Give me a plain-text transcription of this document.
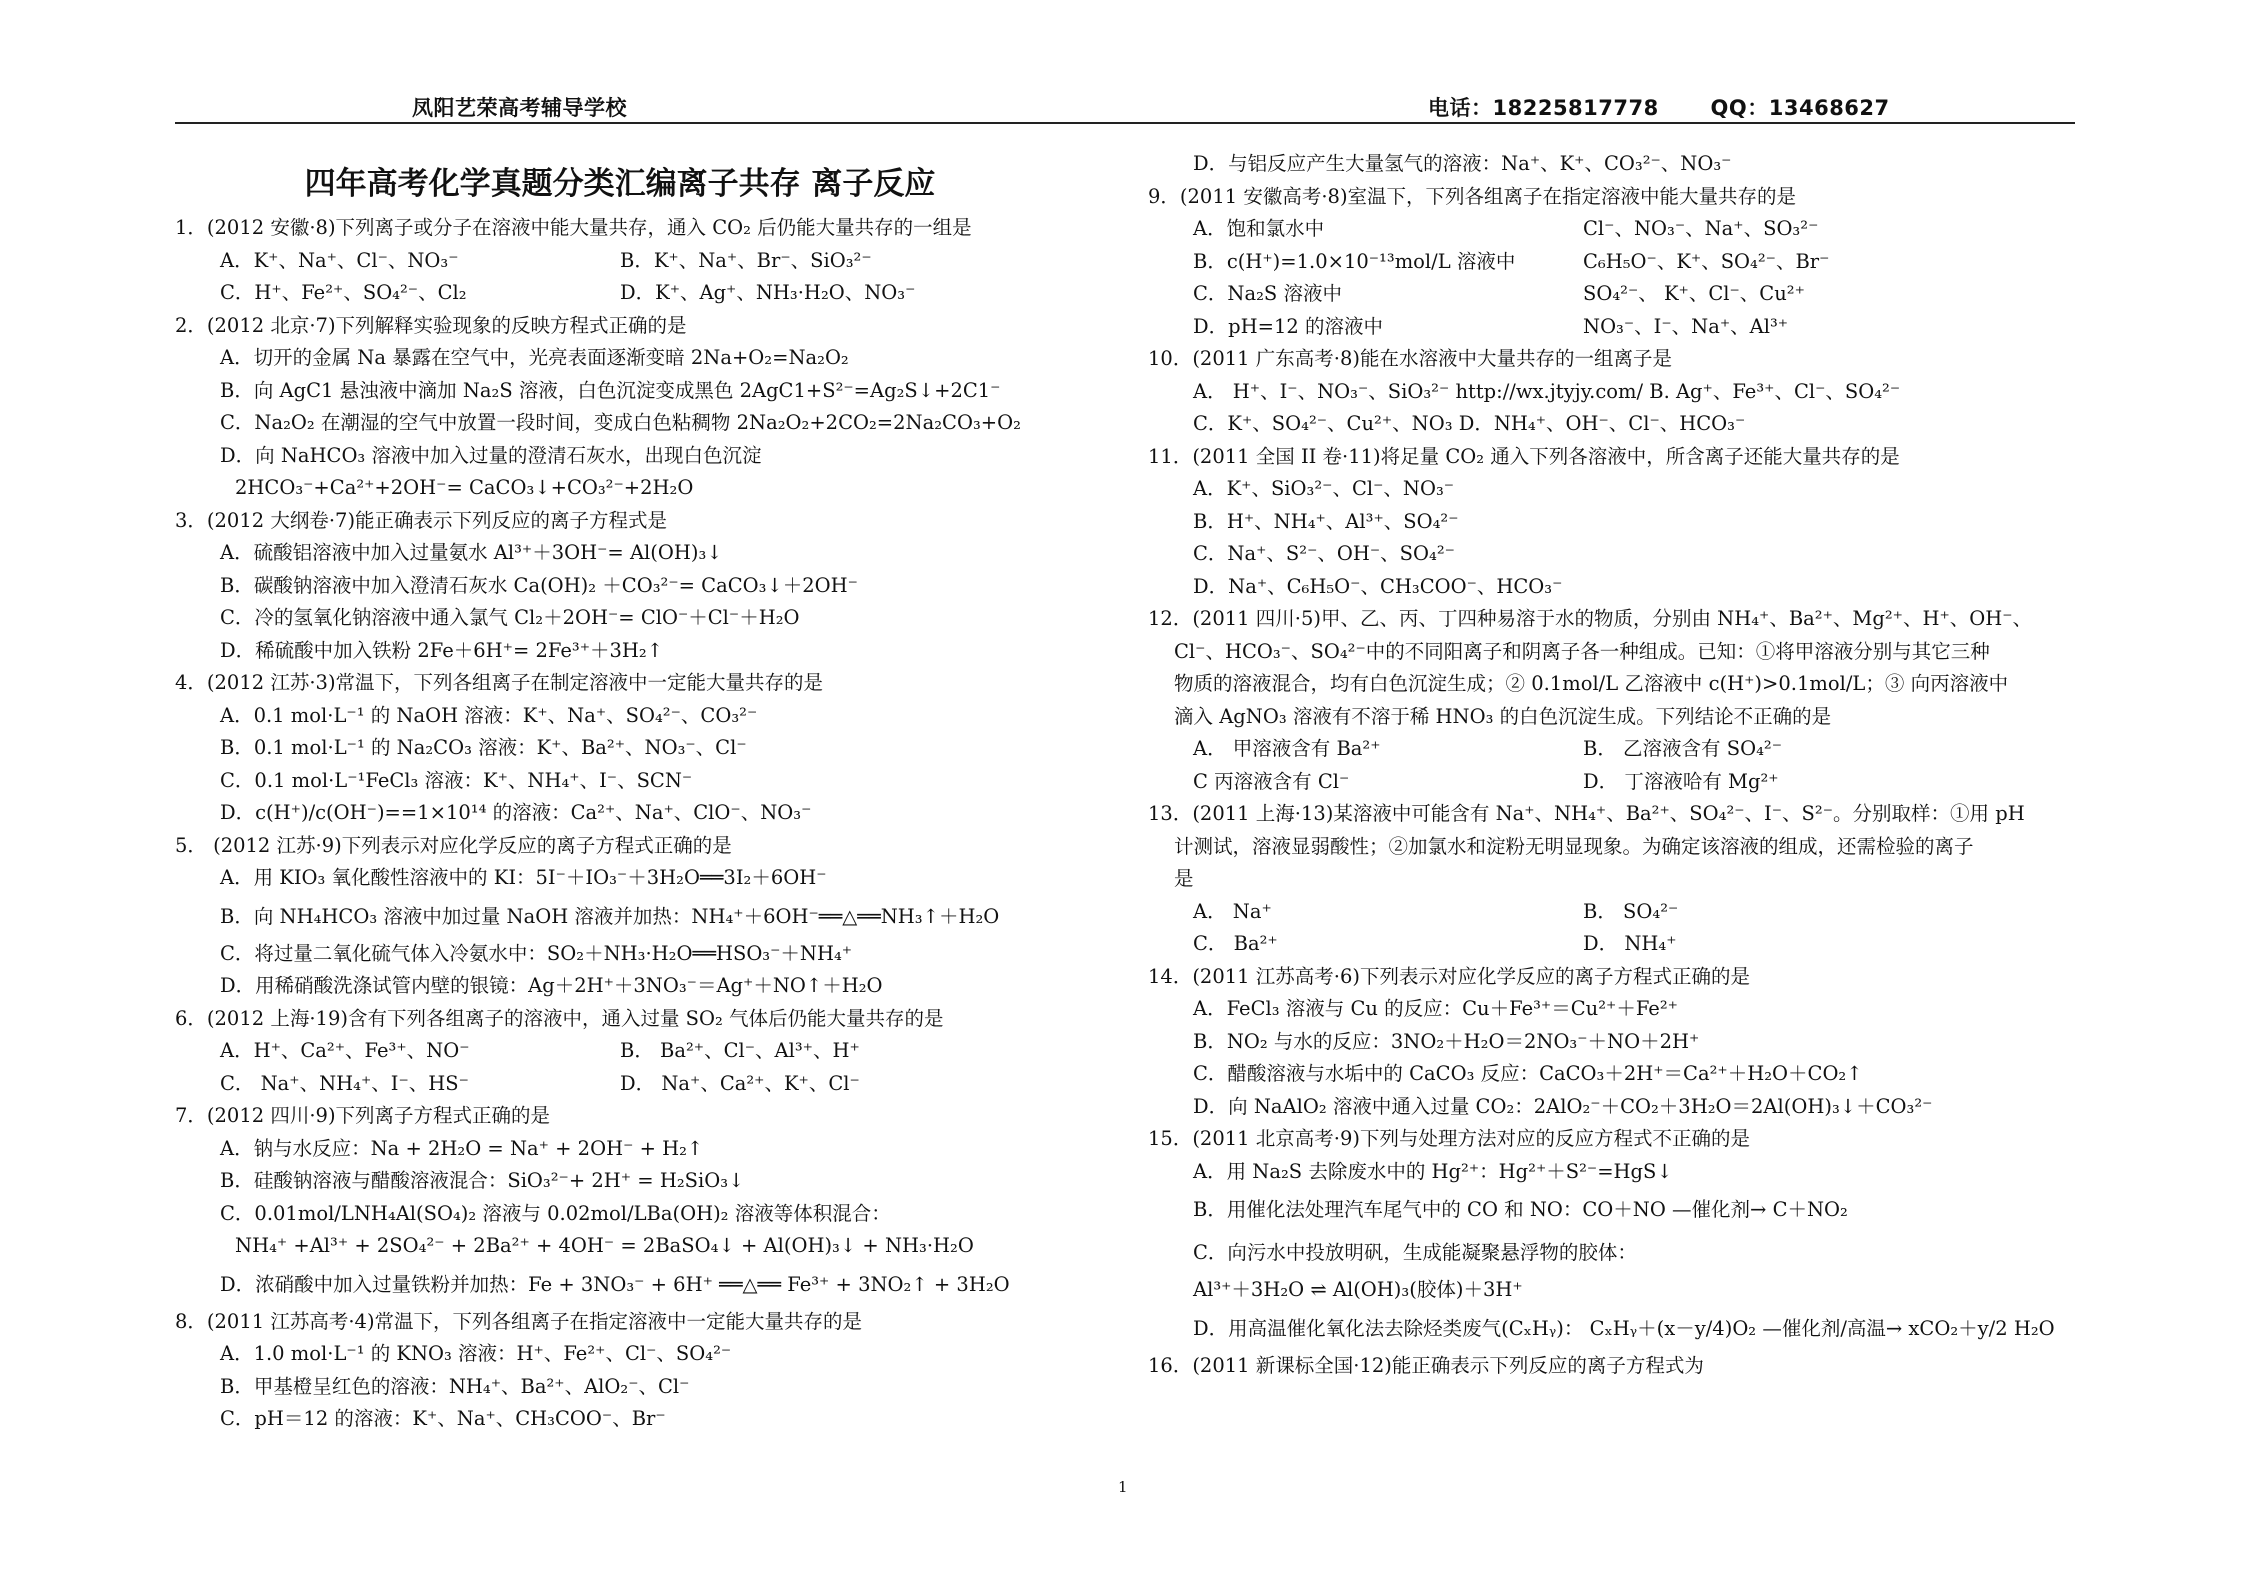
凤阳艺荣高考辅导学校	电话：18225817778 QQ：13468627
四年高考化学真题分类汇编离子共存 离子反应
1．(2012 安徽·8)下列离子或分子在溶液中能大量共存，通入 CO₂ 后仍能大量共存的一组是
A．K⁺、Na⁺、Cl⁻、NO₃⁻	B．K⁺、Na⁺、Br⁻、SiO₃²⁻
C．H⁺、Fe²⁺、SO₄²⁻、Cl₂	D．K⁺、Ag⁺、NH₃·H₂O、NO₃⁻
2．(2012 北京·7)下列解释实验现象的反映方程式正确的是
A．切开的金属 Na 暴露在空气中，光亮表面逐渐变暗 2Na+O₂=Na₂O₂
B．向 AgC1 悬浊液中滴加 Na₂S 溶液，白色沉淀变成黑色 2AgC1+S²⁻=Ag₂S↓+2C1⁻
C．Na₂O₂ 在潮湿的空气中放置一段时间，变成白色粘稠物 2Na₂O₂+2CO₂=2Na₂CO₃+O₂
D．向 NaHCO₃ 溶液中加入过量的澄清石灰水，出现白色沉淀
2HCO₃⁻+Ca²⁺+2OH⁻= CaCO₃↓+CO₃²⁻+2H₂O
3．(2012 大纲卷·7)能正确表示下列反应的离子方程式是
A．硫酸铝溶液中加入过量氨水 Al³⁺＋3OH⁻= Al(OH)₃↓
B．碳酸钠溶液中加入澄清石灰水 Ca(OH)₂ ＋CO₃²⁻= CaCO₃↓＋2OH⁻
C．冷的氢氧化钠溶液中通入氯气 Cl₂＋2OH⁻= ClO⁻＋Cl⁻＋H₂O
D．稀硫酸中加入铁粉 2Fe＋6H⁺= 2Fe³⁺＋3H₂↑
4．(2012 江苏·3)常温下，下列各组离子在制定溶液中一定能大量共存的是
A．0.1 mol·L⁻¹ 的 NaOH 溶液：K⁺、Na⁺、SO₄²⁻、CO₃²⁻
B．0.1 mol·L⁻¹ 的 Na₂CO₃ 溶液：K⁺、Ba²⁺、NO₃⁻、Cl⁻
C．0.1 mol·L⁻¹FeCl₃ 溶液：K⁺、NH₄⁺、I⁻、SCN⁻
D．c(H⁺)/c(OH⁻)==1×10¹⁴ 的溶液：Ca²⁺、Na⁺、ClO⁻、NO₃⁻
5． (2012 江苏·9)下列表示对应化学反应的离子方程式正确的是
A．用 KIO₃ 氧化酸性溶液中的 KI：5I⁻＋IO₃⁻＋3H₂O══3I₂＋6OH⁻
B．向 NH₄HCO₃ 溶液中加过量 NaOH 溶液并加热：NH₄⁺＋6OH⁻══△══NH₃↑＋H₂O
C．将过量二氧化硫气体入冷氨水中：SO₂＋NH₃·H₂O══HSO₃⁻＋NH₄⁺
D．用稀硝酸洗涤试管内壁的银镜：Ag＋2H⁺＋3NO₃⁻＝Ag⁺＋NO↑＋H₂O
6．(2012 上海·19)含有下列各组离子的溶液中，通入过量 SO₂ 气体后仍能大量共存的是
A．H⁺、Ca²⁺、Fe³⁺、NO⁻	B． Ba²⁺、Cl⁻、Al³⁺、H⁺
C． Na⁺、NH₄⁺、I⁻、HS⁻	D． Na⁺、Ca²⁺、K⁺、Cl⁻
7．(2012 四川·9)下列离子方程式正确的是
A．钠与水反应：Na + 2H₂O = Na⁺ + 2OH⁻ + H₂↑
B．硅酸钠溶液与醋酸溶液混合：SiO₃²⁻+ 2H⁺ = H₂SiO₃↓
C．0.01mol/LNH₄Al(SO₄)₂ 溶液与 0.02mol/LBa(OH)₂ 溶液等体积混合：
NH₄⁺ +Al³⁺ + 2SO₄²⁻ + 2Ba²⁺ + 4OH⁻ = 2BaSO₄↓ + Al(OH)₃↓ + NH₃·H₂O
D．浓硝酸中加入过量铁粉并加热：Fe + 3NO₃⁻ + 6H⁺ ══△══ Fe³⁺ + 3NO₂↑ + 3H₂O
8．(2011 江苏高考·4)常温下，下列各组离子在指定溶液中一定能大量共存的是
A．1.0 mol·L⁻¹ 的 KNO₃ 溶液：H⁺、Fe²⁺、Cl⁻、SO₄²⁻
B．甲基橙呈红色的溶液：NH₄⁺、Ba²⁺、AlO₂⁻、Cl⁻
C．pH＝12 的溶液：K⁺、Na⁺、CH₃COO⁻、Br⁻
D．与铝反应产生大量氢气的溶液：Na⁺、K⁺、CO₃²⁻、NO₃⁻
9．(2011 安徽高考·8)室温下，下列各组离子在指定溶液中能大量共存的是
A．饱和氯水中	Cl⁻、NO₃⁻、Na⁺、SO₃²⁻
B．c(H⁺)=1.0×10⁻¹³mol/L 溶液中	C₆H₅O⁻、K⁺、SO₄²⁻、Br⁻
C．Na₂S 溶液中	SO₄²⁻、 K⁺、Cl⁻、Cu²⁺
D．pH=12 的溶液中	NO₃⁻、I⁻、Na⁺、Al³⁺
10．(2011 广东高考·8)能在水溶液中大量共存的一组离子是
A． H⁺、I⁻、NO₃⁻、SiO₃²⁻ http://wx.jtyjy.com/ B. Ag⁺、Fe³⁺、Cl⁻、SO₄²⁻
C．K⁺、SO₄²⁻、Cu²⁺、NO₃ D．NH₄⁺、OH⁻、Cl⁻、HCO₃⁻
11．(2011 全国 II 卷·11)将足量 CO₂ 通入下列各溶液中，所含离子还能大量共存的是
A．K⁺、SiO₃²⁻、Cl⁻、NO₃⁻
B．H⁺、NH₄⁺、Al³⁺、SO₄²⁻
C．Na⁺、S²⁻、OH⁻、SO₄²⁻
D．Na⁺、C₆H₅O⁻、CH₃COO⁻、HCO₃⁻
12．(2011 四川·5)甲、乙、丙、丁四种易溶于水的物质，分别由 NH₄⁺、Ba²⁺、Mg²⁺、H⁺、OH⁻、
Cl⁻、HCO₃⁻、SO₄²⁻中的不同阳离子和阴离子各一种组成。已知：①将甲溶液分别与其它三种
物质的溶液混合，均有白色沉淀生成；② 0.1mol/L 乙溶液中 c(H⁺)>0.1mol/L；③ 向丙溶液中
滴入 AgNO₃ 溶液有不溶于稀 HNO₃ 的白色沉淀生成。下列结论不正确的是
A． 甲溶液含有 Ba²⁺	B． 乙溶液含有 SO₄²⁻
C 丙溶液含有 Cl⁻	D． 丁溶液哈有 Mg²⁺
13．(2011 上海·13)某溶液中可能含有 Na⁺、NH₄⁺、Ba²⁺、SO₄²⁻、I⁻、S²⁻。分别取样：①用 pH
计测试，溶液显弱酸性；②加氯水和淀粉无明显现象。为确定该溶液的组成，还需检验的离子
是
A． Na⁺	B． SO₄²⁻
C． Ba²⁺	D． NH₄⁺
14．(2011 江苏高考·6)下列表示对应化学反应的离子方程式正确的是
A．FeCl₃ 溶液与 Cu 的反应：Cu＋Fe³⁺＝Cu²⁺＋Fe²⁺
B．NO₂ 与水的反应：3NO₂＋H₂O＝2NO₃⁻＋NO＋2H⁺
C．醋酸溶液与水垢中的 CaCO₃ 反应：CaCO₃＋2H⁺＝Ca²⁺＋H₂O＋CO₂↑
D．向 NaAlO₂ 溶液中通入过量 CO₂：2AlO₂⁻＋CO₂＋3H₂O＝2Al(OH)₃↓＋CO₃²⁻
15．(2011 北京高考·9)下列与处理方法对应的反应方程式不正确的是
A．用 Na₂S 去除废水中的 Hg²⁺：Hg²⁺＋S²⁻=HgS↓
B．用催化法处理汽车尾气中的 CO 和 NO：CO＋NO —催化剂→ C＋NO₂
C．向污水中投放明矾，生成能凝聚悬浮物的胶体：
Al³⁺＋3H₂O ⇌ Al(OH)₃(胶体)＋3H⁺
D．用高温催化氧化法去除烃类废气(CₓHᵧ)： CₓHᵧ＋(x－y/4)O₂ —催化剂/高温→ xCO₂＋y/2 H₂O
16．(2011 新课标全国·12)能正确表示下列反应的离子方程式为
1
